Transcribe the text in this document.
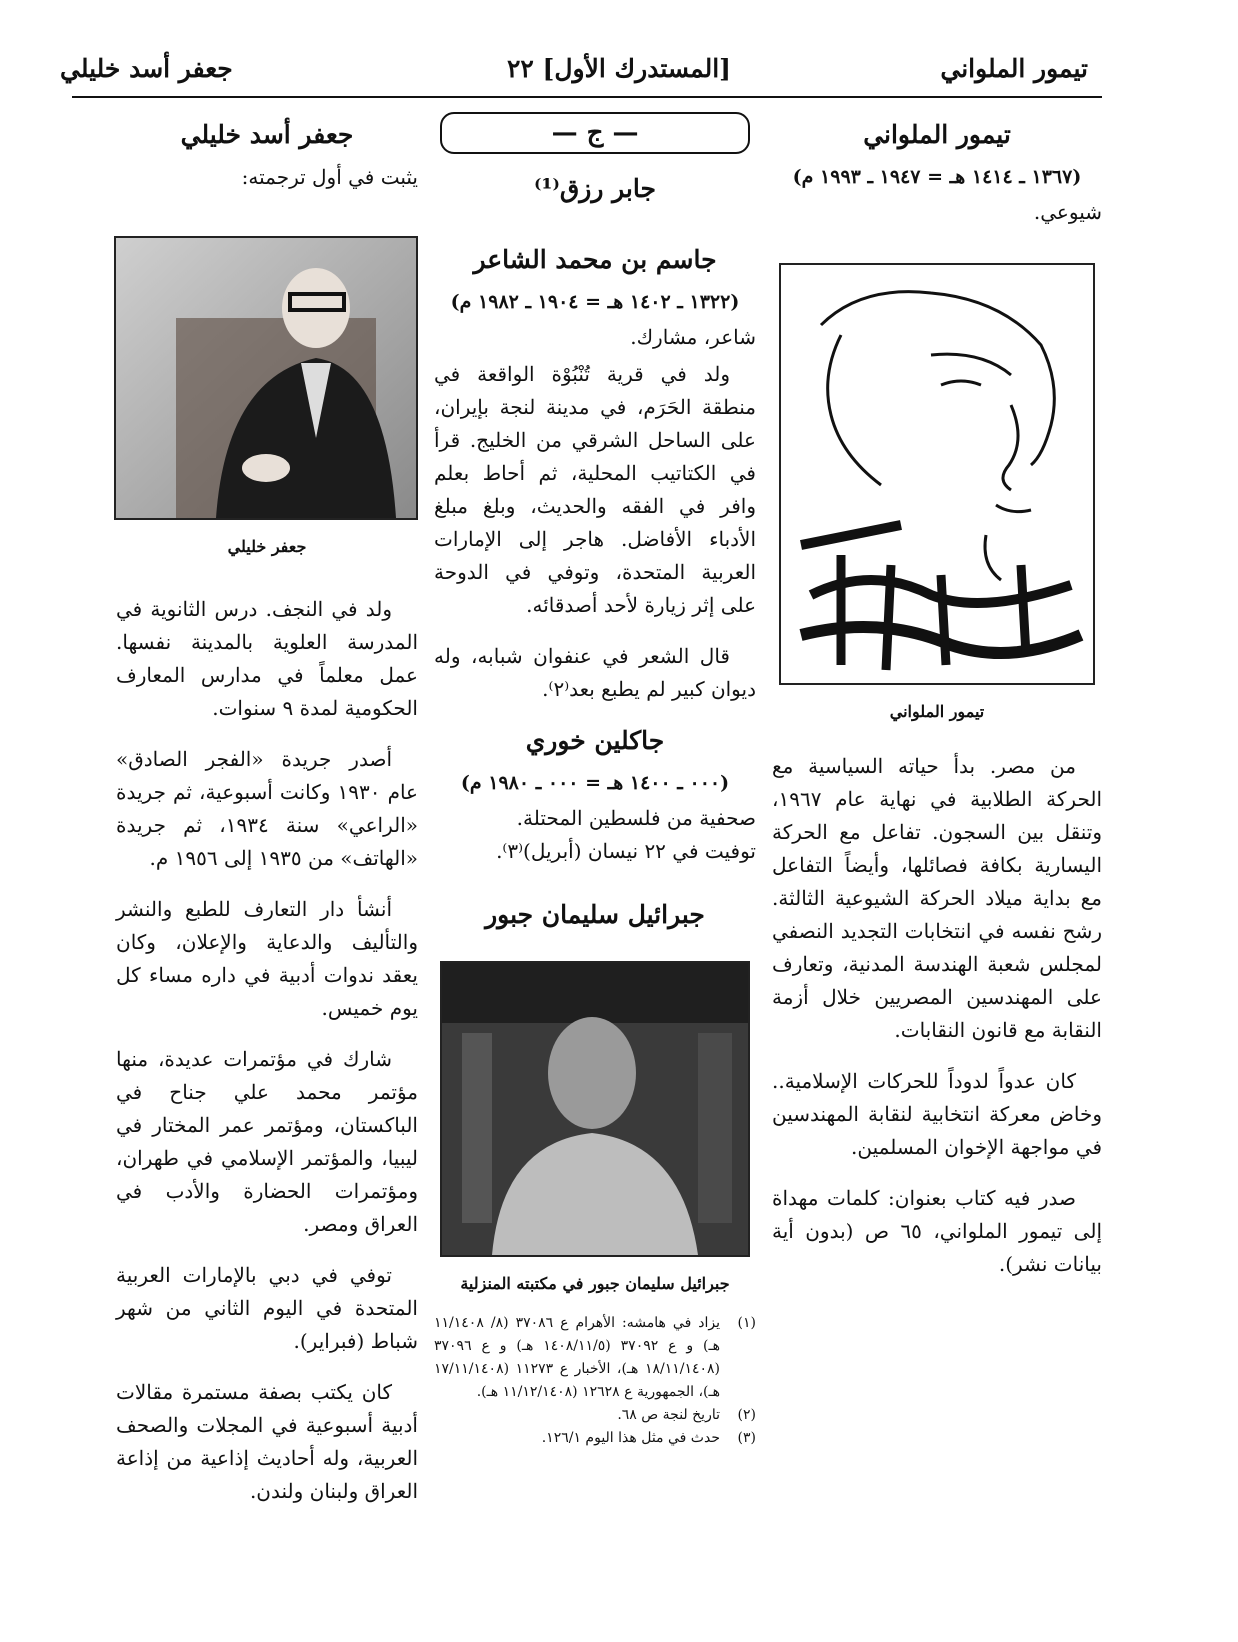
تيمور الملواني
[المستدرك الأول] ٢٢
جعفر أسد خليلي
تيمور الملواني
(١٣٦٧ ـ ١٤١٤ هـ = ١٩٤٧ ـ ١٩٩٣ م)

شيوعي.

تيمور الملواني

من مصر. بدأ حياته السياسية مع الحركة الطلابية في نهاية عام ١٩٦٧، وتنقل بين السجون. تفاعل مع الحركة اليسارية بكافة فصائلها، وأيضاً التفاعل مع بداية ميلاد الحركة الشيوعية الثالثة. رشح نفسه في انتخابات التجديد النصفي لمجلس شعبة الهندسة المدنية، وتعارف على المهندسين المصريين خلال أزمة النقابة مع قانون النقابات.

كان عدواً لدوداً للحركات الإسلامية.. وخاض معركة انتخابية لنقابة المهندسين في مواجهة الإخوان المسلمين.

صدر فيه كتاب بعنوان: كلمات مهداة إلى تيمور الملواني، ٦٥ ص (بدون أية بيانات نشر).

— ج —
جابر رزق⁽¹⁾
جاسم بن محمد الشاعر
(١٣٢٢ ـ ١٤٠٢ هـ = ١٩٠٤ ـ ١٩٨٢ م)

شاعر، مشارك.

ولد في قرية تُنْبُوْة الواقعة في منطقة الحَرَم، في مدينة لنجة بإيران، على الساحل الشرقي من الخليج. قرأ في الكتاتيب المحلية، ثم أحاط بعلم وافر في الفقه والحديث، وبلغ مبلغ الأدباء الأفاضل. هاجر إلى الإمارات العربية المتحدة، وتوفي في الدوحة على إثر زيارة لأحد أصدقائه.

قال الشعر في عنفوان شبابه، وله ديوان كبير لم يطبع بعد⁽٢⁾.

جاكلين خوري
(٠٠٠ ـ ١٤٠٠ هـ = ٠٠٠ ـ ١٩٨٠ م)

صحفية من فلسطين المحتلة.

توفيت في ٢٢ نيسان (أبريل)⁽٣⁾.

جبرائيل سليمان جبور
جبرائيل سليمان جبور في مكتبته المنزلية
(١)
يزاد في هامشه: الأهرام ع ٣٧٠٨٦ (٨/ ١١/١٤٠٨ هـ) و ع ٣٧٠٩٢ (١٤٠٨/١١/٥ هـ) و ع ٣٧٠٩٦ (١٨/١١/١٤٠٨ هـ)، الأخبار ع ١١٢٧٣ (١٧/١١/١٤٠٨ هـ)، الجمهورية ع ١٢٦٢٨ (١١/١٢/١٤٠٨ هـ).
(٢)
تاريخ لنجة ص ٦٨.
(٣)
حدث في مثل هذا اليوم ١٢٦/١.
جعفر أسد خليلي

يثبت في أول ترجمته:

جعفر خليلي

ولد في النجف. درس الثانوية في المدرسة العلوية بالمدينة نفسها. عمل معلماً في مدارس المعارف الحكومية لمدة ٩ سنوات.

أصدر جريدة «الفجر الصادق» عام ١٩٣٠ وكانت أسبوعية، ثم جريدة «الراعي» سنة ١٩٣٤، ثم جريدة «الهاتف» من ١٩٣٥ إلى ١٩٥٦ م.

أنشأ دار التعارف للطبع والنشر والتأليف والدعاية والإعلان، وكان يعقد ندوات أدبية في داره مساء كل يوم خميس.

شارك في مؤتمرات عديدة، منها مؤتمر محمد علي جناح في الباكستان، ومؤتمر عمر المختار في ليبيا، والمؤتمر الإسلامي في طهران، ومؤتمرات الحضارة والأدب في العراق ومصر.

توفي في دبي بالإمارات العربية المتحدة في اليوم الثاني من شهر شباط (فبراير).

كان يكتب بصفة مستمرة مقالات أدبية أسبوعية في المجلات والصحف العربية، وله أحاديث إذاعية من إذاعة العراق ولبنان ولندن.
